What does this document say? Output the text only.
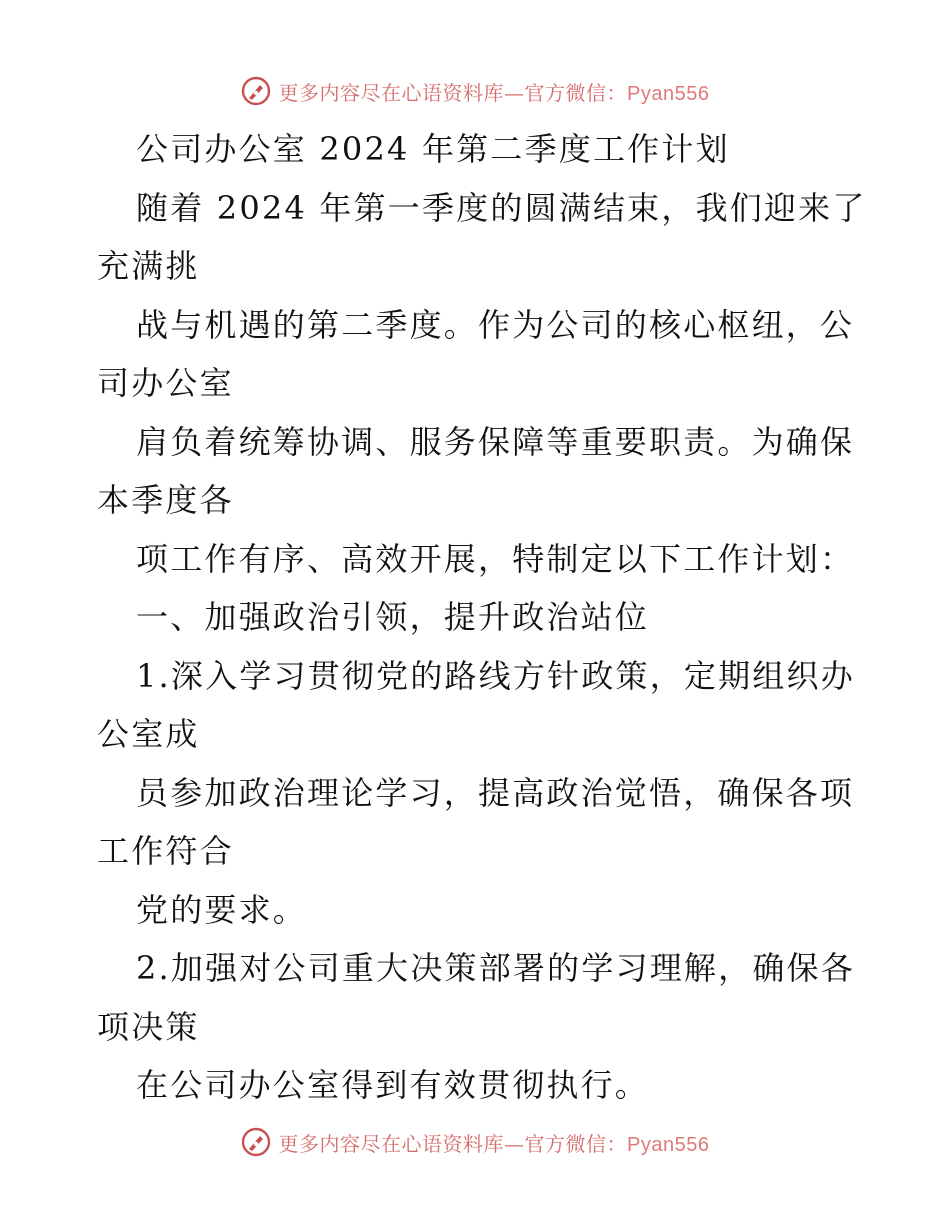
更多内容尽在心语资料库—官方微信：Pyan556
公司办公室 2024 年第二季度工作计划
随着 2024 年第一季度的圆满结束，我们迎来了
充满挑
战与机遇的第二季度。作为公司的核心枢纽，公
司办公室
肩负着统筹协调、服务保障等重要职责。为确保
本季度各
项工作有序、高效开展，特制定以下工作计划：
一、加强政治引领，提升政治站位
1.深入学习贯彻党的路线方针政策，定期组织办
公室成
员参加政治理论学习，提高政治觉悟，确保各项
工作符合
党的要求。
2.加强对公司重大决策部署的学习理解，确保各
项决策
在公司办公室得到有效贯彻执行。
更多内容尽在心语资料库—官方微信：Pyan556
